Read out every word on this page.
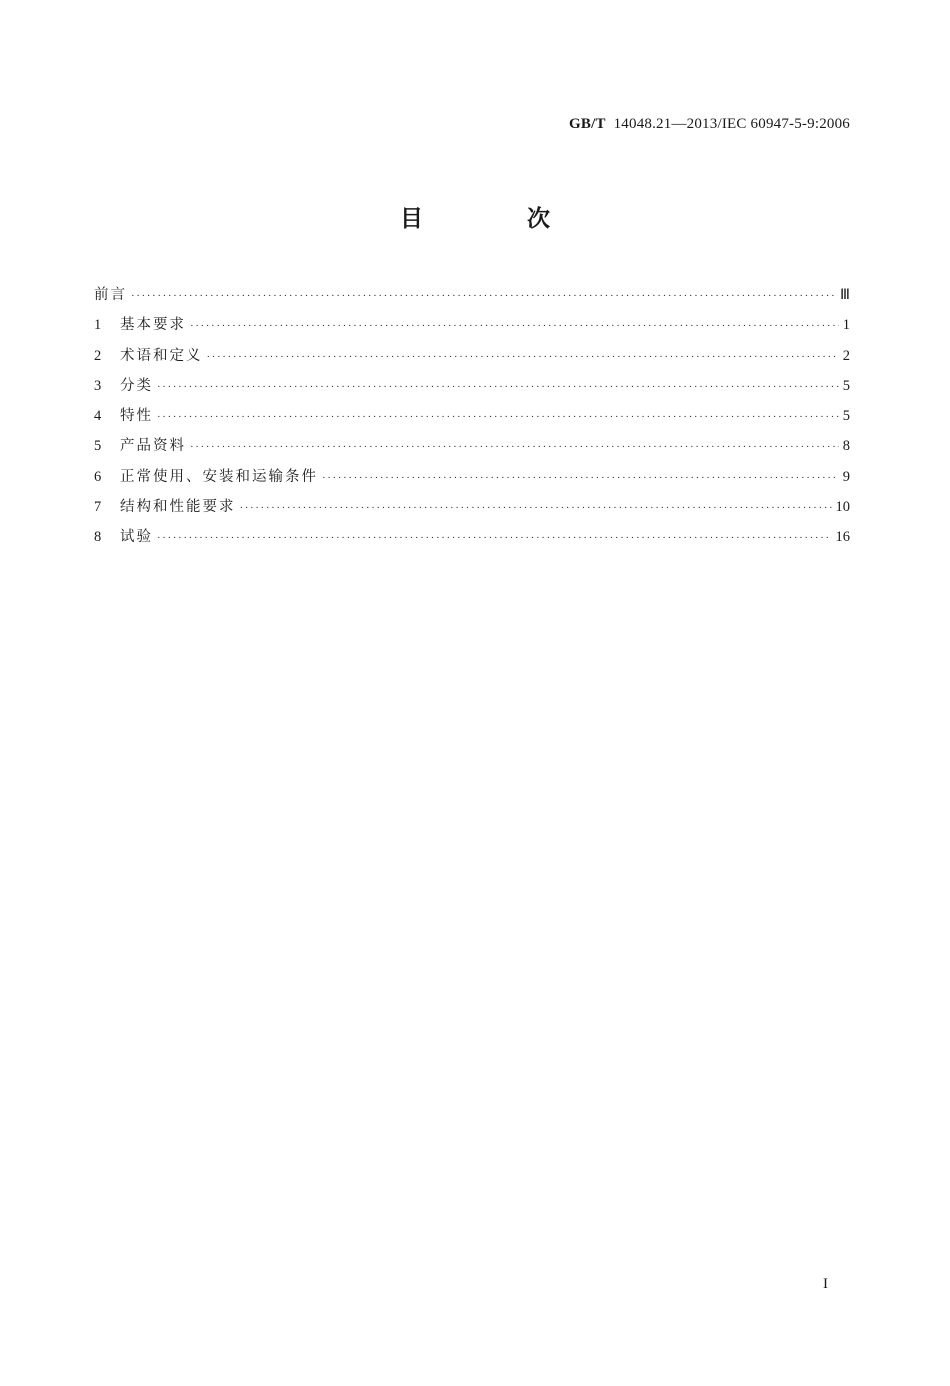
GB/T 14048.21—2013/IEC 60947-5-9:2006
目 次
前言 ·····	Ⅲ
1	基本要求 ·····	1
2	术语和定义 ·····	2
3	分类 ·····	5
4	特性 ·····	5
5	产品资料 ·····	8
6	正常使用、安装和运输条件 ·····	9
7	结构和性能要求 ·····	10
8	试验 ·····	16
I
